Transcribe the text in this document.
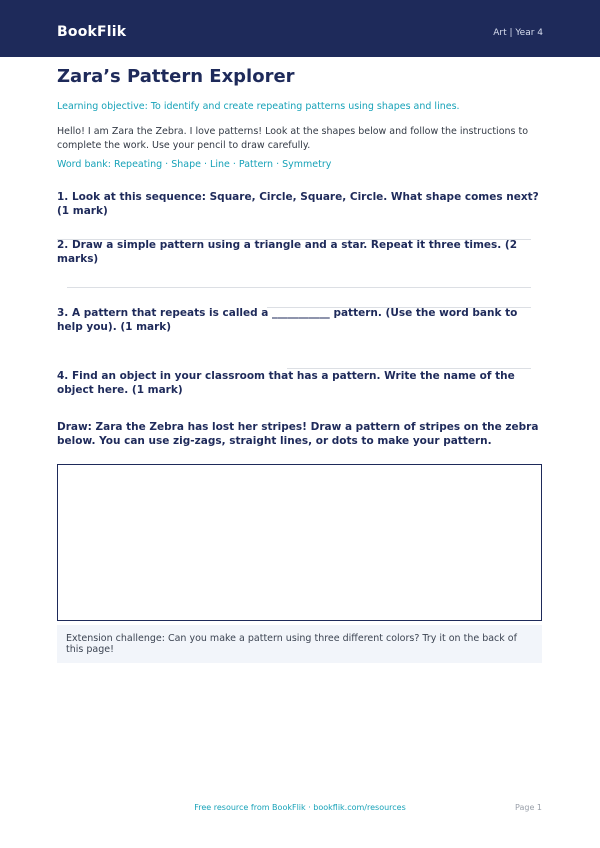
BookFlik	Art | Year 4
Zara’s Pattern Explorer
Learning objective: To identify and create repeating patterns using shapes and lines.
Hello! I am Zara the Zebra. I love patterns! Look at the shapes below and follow the instructions to complete the work. Use your pencil to draw carefully.
Word bank: Repeating · Shape · Line · Pattern · Symmetry
1. Look at this sequence: Square, Circle, Square, Circle. What shape comes next? (1 mark)
2. Draw a simple pattern using a triangle and a star. Repeat it three times. (2 marks)
3. A pattern that repeats is called a ___________ pattern. (Use the word bank to help you). (1 mark)
4. Find an object in your classroom that has a pattern. Write the name of the object here. (1 mark)
Draw: Zara the Zebra has lost her stripes! Draw a pattern of stripes on the zebra below. You can use zig-zags, straight lines, or dots to make your pattern.
Extension challenge: Can you make a pattern using three different colors? Try it on the back of this page!
Free resource from BookFlik · bookflik.com/resources	Page 1
